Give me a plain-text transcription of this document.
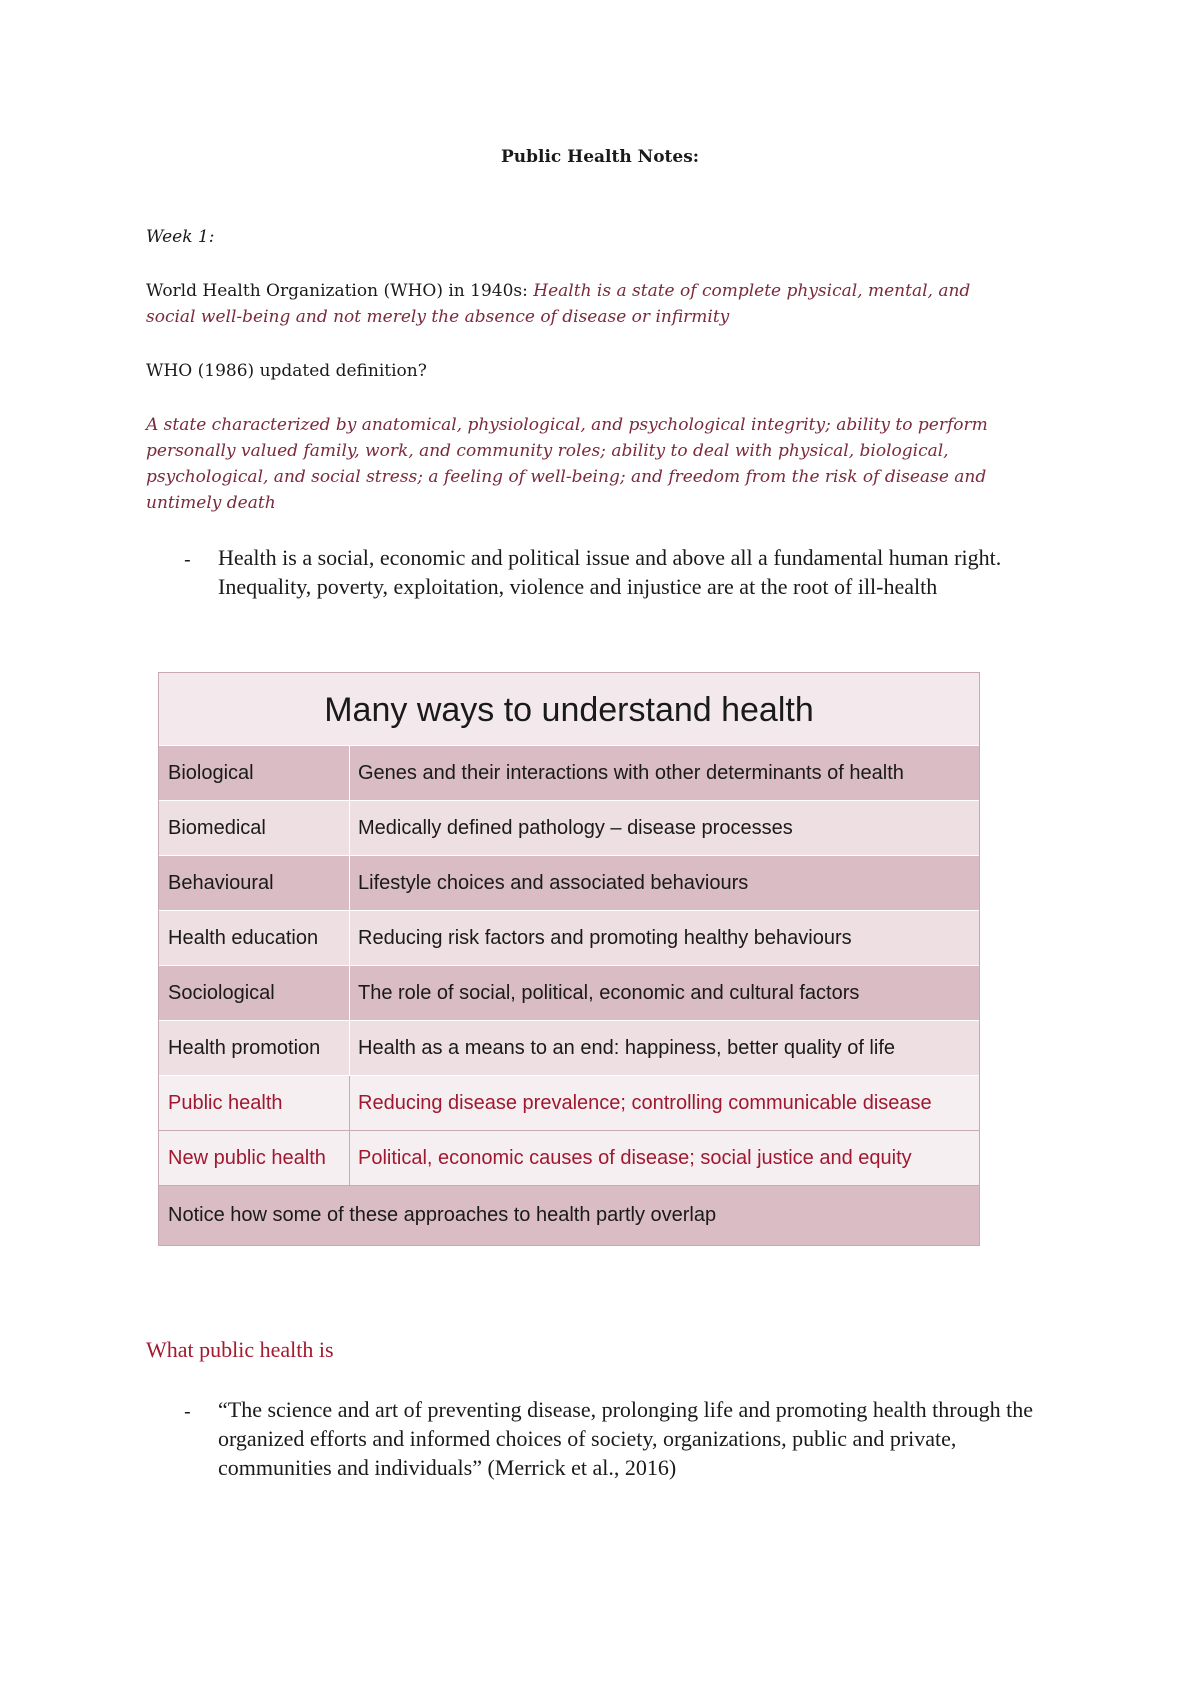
Public Health Notes:
Week 1:
World Health Organization (WHO) in 1940s: Health is a state of complete physical, mental, and
social well-being and not merely the absence of disease or infirmity
WHO (1986) updated definition?
A state characterized by anatomical, physiological, and psychological integrity; ability to perform
personally valued family, work, and community roles; ability to deal with physical, biological,
psychological, and social stress; a feeling of well-being; and freedom from the risk of disease and
untimely death
- Health is a social, economic and political issue and above all a fundamental human right. Inequality, poverty, exploitation, violence and injustice are at the root of ill-health
Many ways to understand health
Biological	Genes and their interactions with other determinants of health
Biomedical	Medically defined pathology – disease processes
Behavioural	Lifestyle choices and associated behaviours
Health education	Reducing risk factors and promoting healthy behaviours
Sociological	The role of social, political, economic and cultural factors
Health promotion	Health as a means to an end: happiness, better quality of life
Public health	Reducing disease prevalence; controlling communicable disease
New public health	Political, economic causes of disease; social justice and equity
Notice how some of these approaches to health partly overlap
What public health is
- “The science and art of preventing disease, prolonging life and promoting health through the organized efforts and informed choices of society, organizations, public and private, communities and individuals” (Merrick et al., 2016)
